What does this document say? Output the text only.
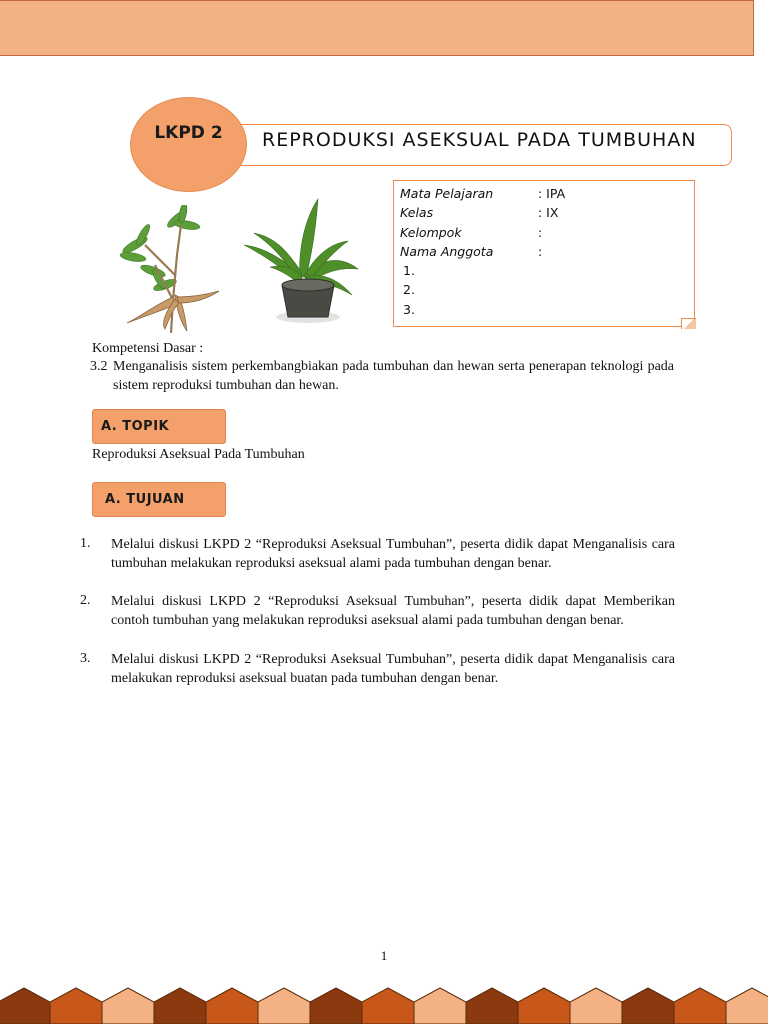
REPRODUKSI ASEKSUAL PADA TUMBUHAN
LKPD 2
Mata Pelajaran	: IPA
Kelas	: IX
Kelompok	:
Nama Anggota	:
1.
2.
3.
Kompetensi Dasar :
3.2 Menganalisis sistem perkembangbiakan pada tumbuhan dan hewan serta penerapan teknologi pada sistem reproduksi tumbuhan dan hewan.
A. TOPIK
Reproduksi Aseksual Pada Tumbuhan
A. TUJUAN
1. Melalui diskusi LKPD 2 “Reproduksi Aseksual Tumbuhan”, peserta didik dapat Menganalisis cara tumbuhan melakukan reproduksi aseksual alami pada tumbuhan dengan benar.
2. Melalui diskusi LKPD 2 “Reproduksi Aseksual Tumbuhan”, peserta didik dapat Memberikan contoh tumbuhan yang melakukan reproduksi aseksual alami pada tumbuhan dengan benar.
3. Melalui diskusi LKPD 2 “Reproduksi Aseksual Tumbuhan”, peserta didik dapat Menganalisis cara melakukan reproduksi aseksual buatan pada tumbuhan dengan benar.
1
